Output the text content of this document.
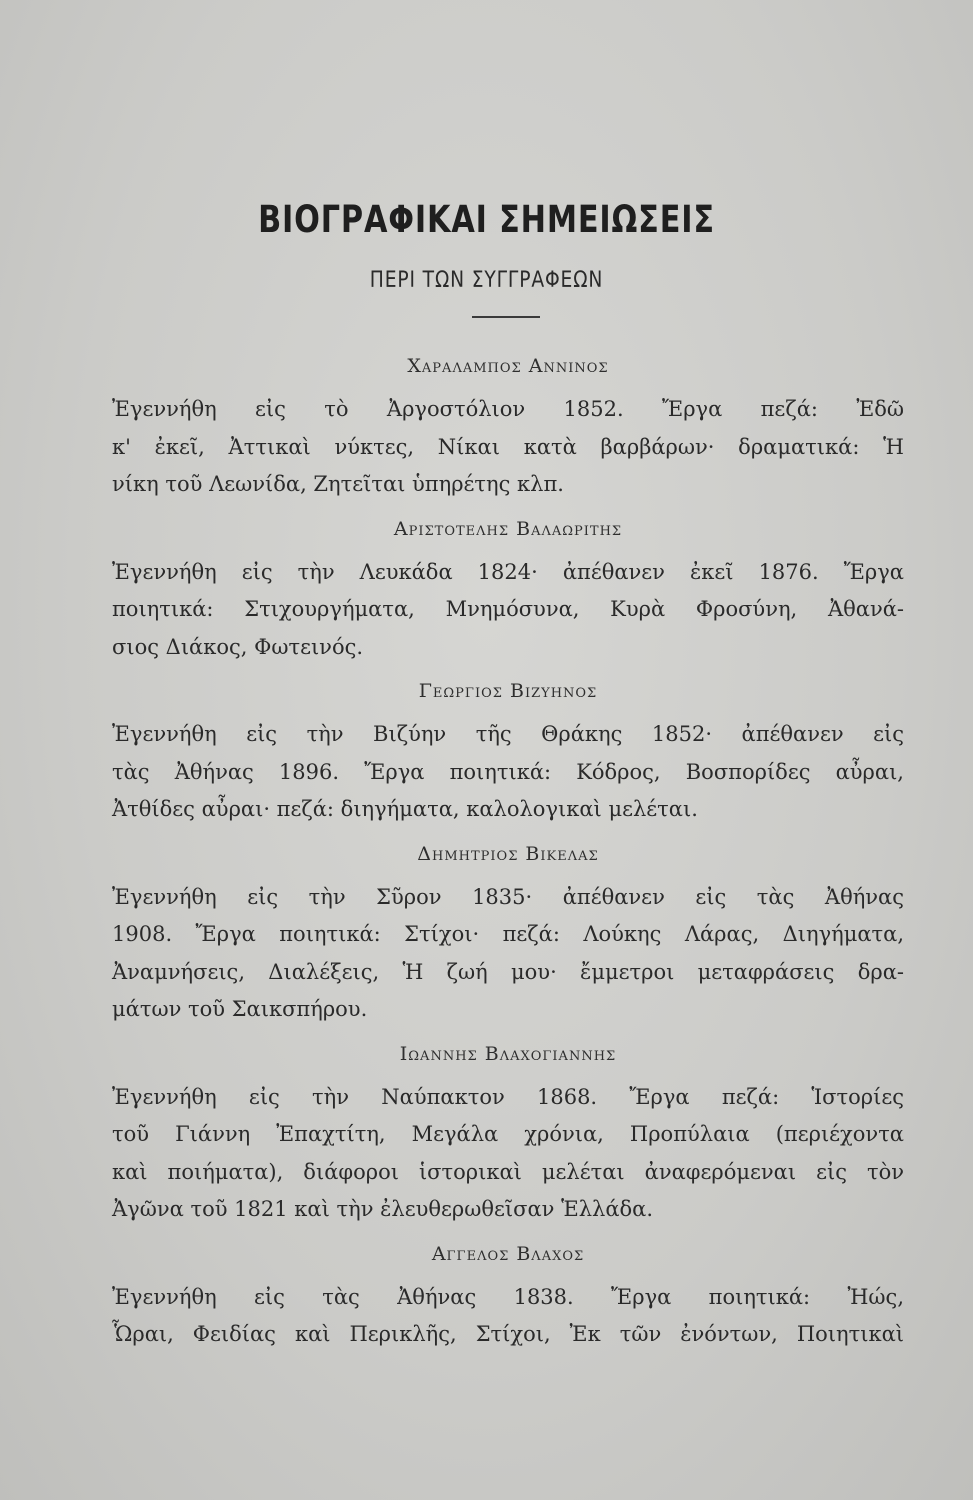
ΒΙΟΓΡΑΦΙΚΑΙ ΣΗΜΕΙΩΣΕΙΣ
ΠΕΡΙ ΤΩΝ ΣΥΓΓΡΑΦΕΩΝ
Χαραλαμπος Αννινος
Ἐγεννήθη εἰς τὸ Ἀργοστόλιον 1852. Ἔργα πεζά: Ἐδῶ
κ' ἐκεῖ, Ἀττικαὶ νύκτες, Νίκαι κατὰ βαρβάρων· δραματικά: Ἡ
νίκη τοῦ Λεωνίδα, Ζητεῖται ὑπηρέτης κλπ.
Αριστοτελης Βαλαωριτης
Ἐγεννήθη εἰς τὴν Λευκάδα 1824· ἀπέθανεν ἐκεῖ 1876. Ἔργα
ποιητικά: Στιχουργήματα, Μνημόσυνα, Κυρὰ Φροσύνη, Ἀθανά-
σιος Διάκος, Φωτεινός.
Γεωργιος Βιζυηνος
Ἐγεννήθη εἰς τὴν Βιζύην τῆς Θράκης 1852· ἀπέθανεν εἰς
τὰς Ἀθήνας 1896. Ἔργα ποιητικά: Κόδρος, Βοσπορίδες αὖραι,
Ἀτθίδες αὖραι· πεζά: διηγήματα, καλολογικαὶ μελέται.
Δημητριος Βικελας
Ἐγεννήθη εἰς τὴν Σῦρον 1835· ἀπέθανεν εἰς τὰς Ἀθήνας
1908. Ἔργα ποιητικά: Στίχοι· πεζά: Λούκης Λάρας, Διηγήματα,
Ἀναμνήσεις, Διαλέξεις, Ἡ ζωή μου· ἔμμετροι μεταφράσεις δρα-
μάτων τοῦ Σαικσπήρου.
Ιωαννης Βλαχογιαννης
Ἐγεννήθη εἰς τὴν Ναύπακτον 1868. Ἔργα πεζά: Ἱστορίες
τοῦ Γιάννη Ἐπαχτίτη, Μεγάλα χρόνια, Προπύλαια (περιέχοντα
καὶ ποιήματα), διάφοροι ἱστορικαὶ μελέται ἀναφερόμεναι εἰς τὸν
Ἀγῶνα τοῦ 1821 καὶ τὴν ἐλευθερωθεῖσαν Ἑλλάδα.
Αγγελος Βλαχος
Ἐγεννήθη εἰς τὰς Ἀθήνας 1838. Ἔργα ποιητικά: Ἠώς,
Ὧραι, Φειδίας καὶ Περικλῆς, Στίχοι, Ἐκ τῶν ἐνόντων, Ποιητικαὶ
